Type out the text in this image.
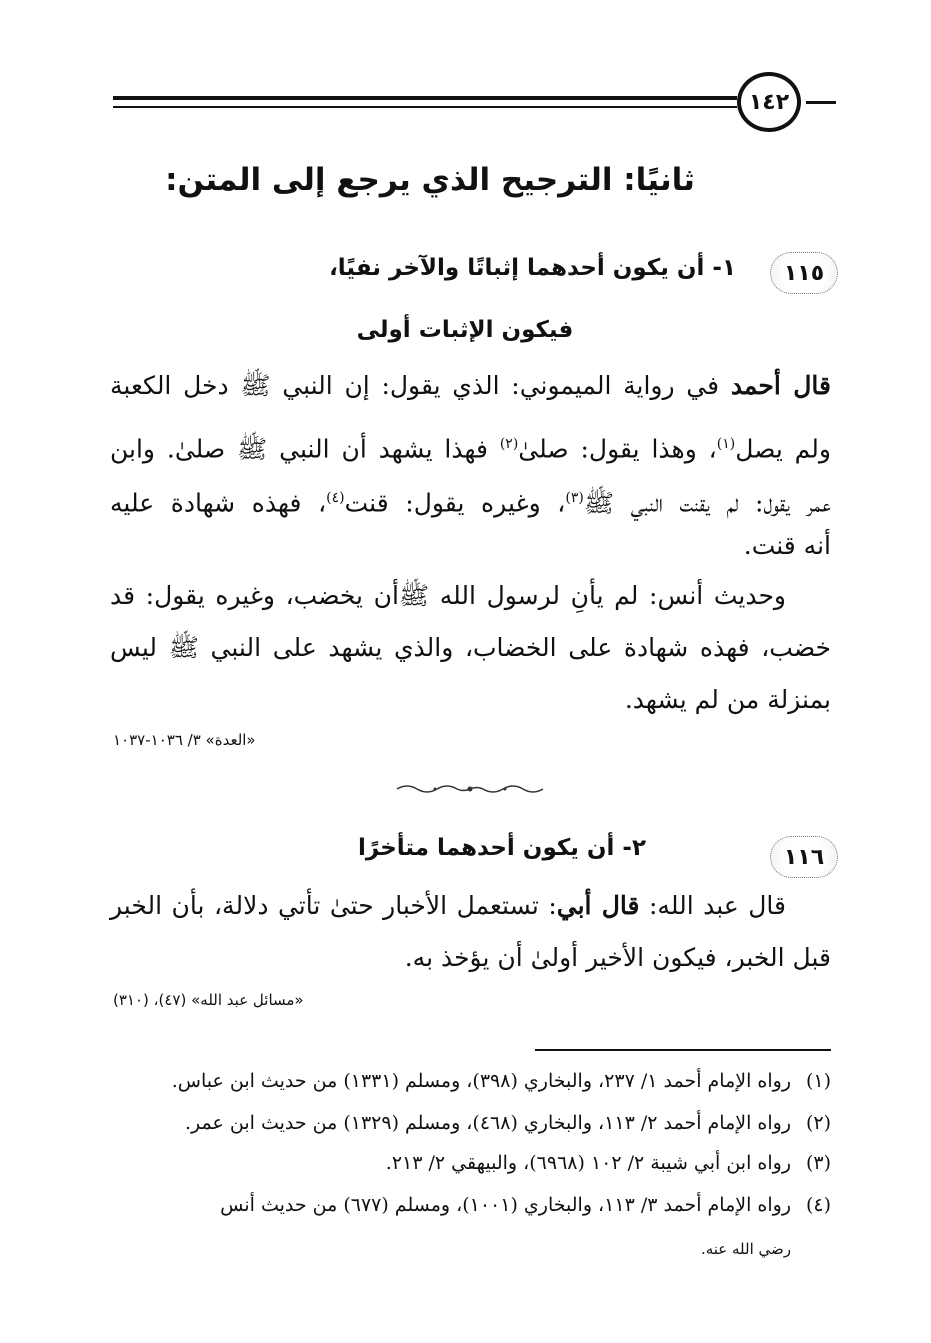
١٤٢
ثانيًا: الترجيح الذي يرجع إلى المتن:
١١٥
١- أن يكون أحدهما إثباتًا والآخر نفيًا،
فيكون الإثبات أولى
قال أحمد في رواية الميموني: الذي يقول: إن النبي ﷺ دخل الكعبة
ولم يصل$^{(١)}$، وهذا يقول: صلىٰ$^{(٢)}$ فهذا يشهد أن النبي ﷺ صلىٰ. وابن
عمر يقول: لم يقنت النبي ﷺ$^{(٣)}$، وغيره يقول: قنت$^{(٤)}$، فهذه شهادة عليه
أنه قنت.
وحديث أنس: لم يأنِ لرسول الله ﷺأن يخضب، وغيره يقول: قد
خضب، فهذه شهادة على الخضاب، والذي يشهد على النبي ﷺ ليس
بمنزلة من لم يشهد.
«العدة» ٣/ ١٠٣٦-١٠٣٧
١١٦
٢- أن يكون أحدهما متأخرًا
قال عبد الله: قال أبي: تستعمل الأخبار حتىٰ تأتي دلالة، بأن الخبر
قبل الخبر، فيكون الأخير أولىٰ أن يؤخذ به.
«مسائل عبد الله» (٤٧)، (٣١٠)
(١)رواه الإمام أحمد ١/ ٢٣٧، والبخاري (٣٩٨)، ومسلم (١٣٣١) من حديث ابن عباس.
(٢)رواه الإمام أحمد ٢/ ١١٣، والبخاري (٤٦٨)، ومسلم (١٣٢٩) من حديث ابن عمر.
(٣)رواه ابن أبي شيبة ٢/ ١٠٢ (٦٩٦٨)، والبيهقي ٢/ ٢١٣.
(٤)رواه الإمام أحمد ٣/ ١١٣، والبخاري (١٠٠١)، ومسلم (٦٧٧) من حديث أنس
رضي الله عنه.
